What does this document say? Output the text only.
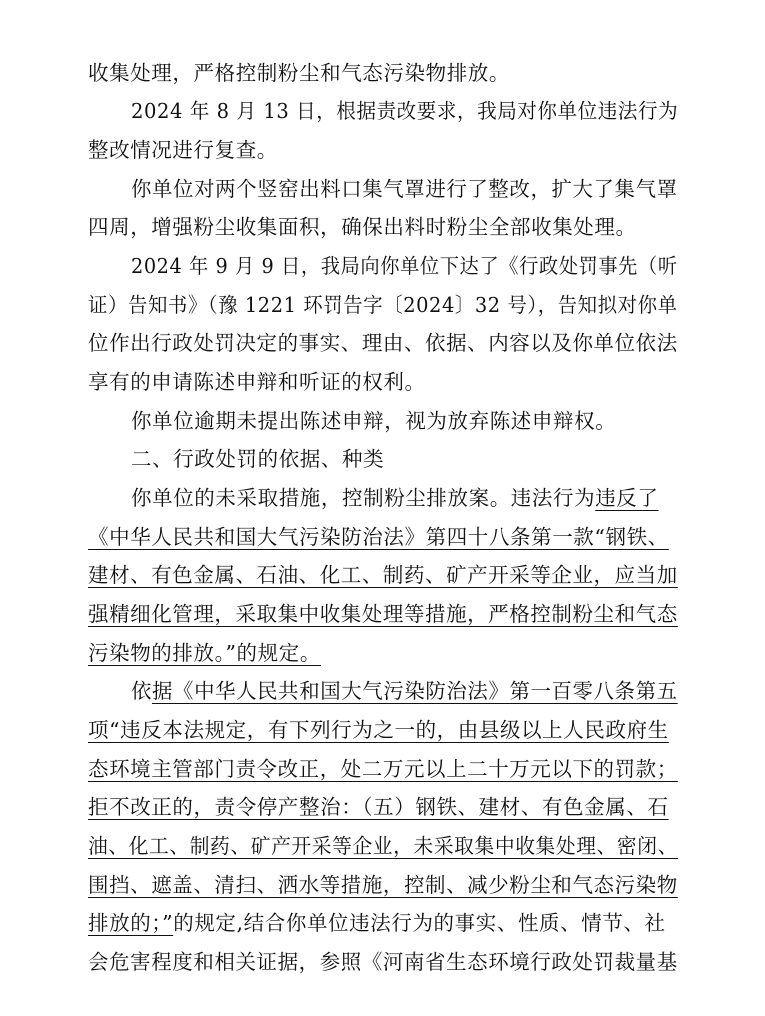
收集处理，严格控制粉尘和气态污染物排放。
2024 年 8 月 13 日，根据责改要求，我局对你单位违法行为
整改情况进行复查。
你单位对两个竖窑出料口集气罩进行了整改，扩大了集气罩
四周，增强粉尘收集面积，确保出料时粉尘全部收集处理。
2024 年 9 月 9 日，我局向你单位下达了《行政处罚事先（听
证）告知书》（豫 1221 环罚告字〔2024〕32 号），告知拟对你单
位作出行政处罚决定的事实、理由、依据、内容以及你单位依法
享有的申请陈述申辩和听证的权利。
你单位逾期未提出陈述申辩，视为放弃陈述申辩权。
二、行政处罚的依据、种类
你单位的未采取措施，控制粉尘排放案。违法行为违反了
《中华人民共和国大气污染防治法》第四十八条第一款“钢铁、
建材、有色金属、石油、化工、制药、矿产开采等企业，应当加
强精细化管理，采取集中收集处理等措施，严格控制粉尘和气态
污染物的排放。”的规定。
依据《中华人民共和国大气污染防治法》第一百零八条第五
项“违反本法规定，有下列行为之一的，由县级以上人民政府生
态环境主管部门责令改正，处二万元以上二十万元以下的罚款；
拒不改正的，责令停产整治：（五）钢铁、建材、有色金属、石
油、化工、制药、矿产开采等企业，未采取集中收集处理、密闭、
围挡、遮盖、清扫、洒水等措施，控制、减少粉尘和气态污染物
排放的；”的规定,结合你单位违法行为的事实、性质、情节、社
会危害程度和相关证据，参照《河南省生态环境行政处罚裁量基
